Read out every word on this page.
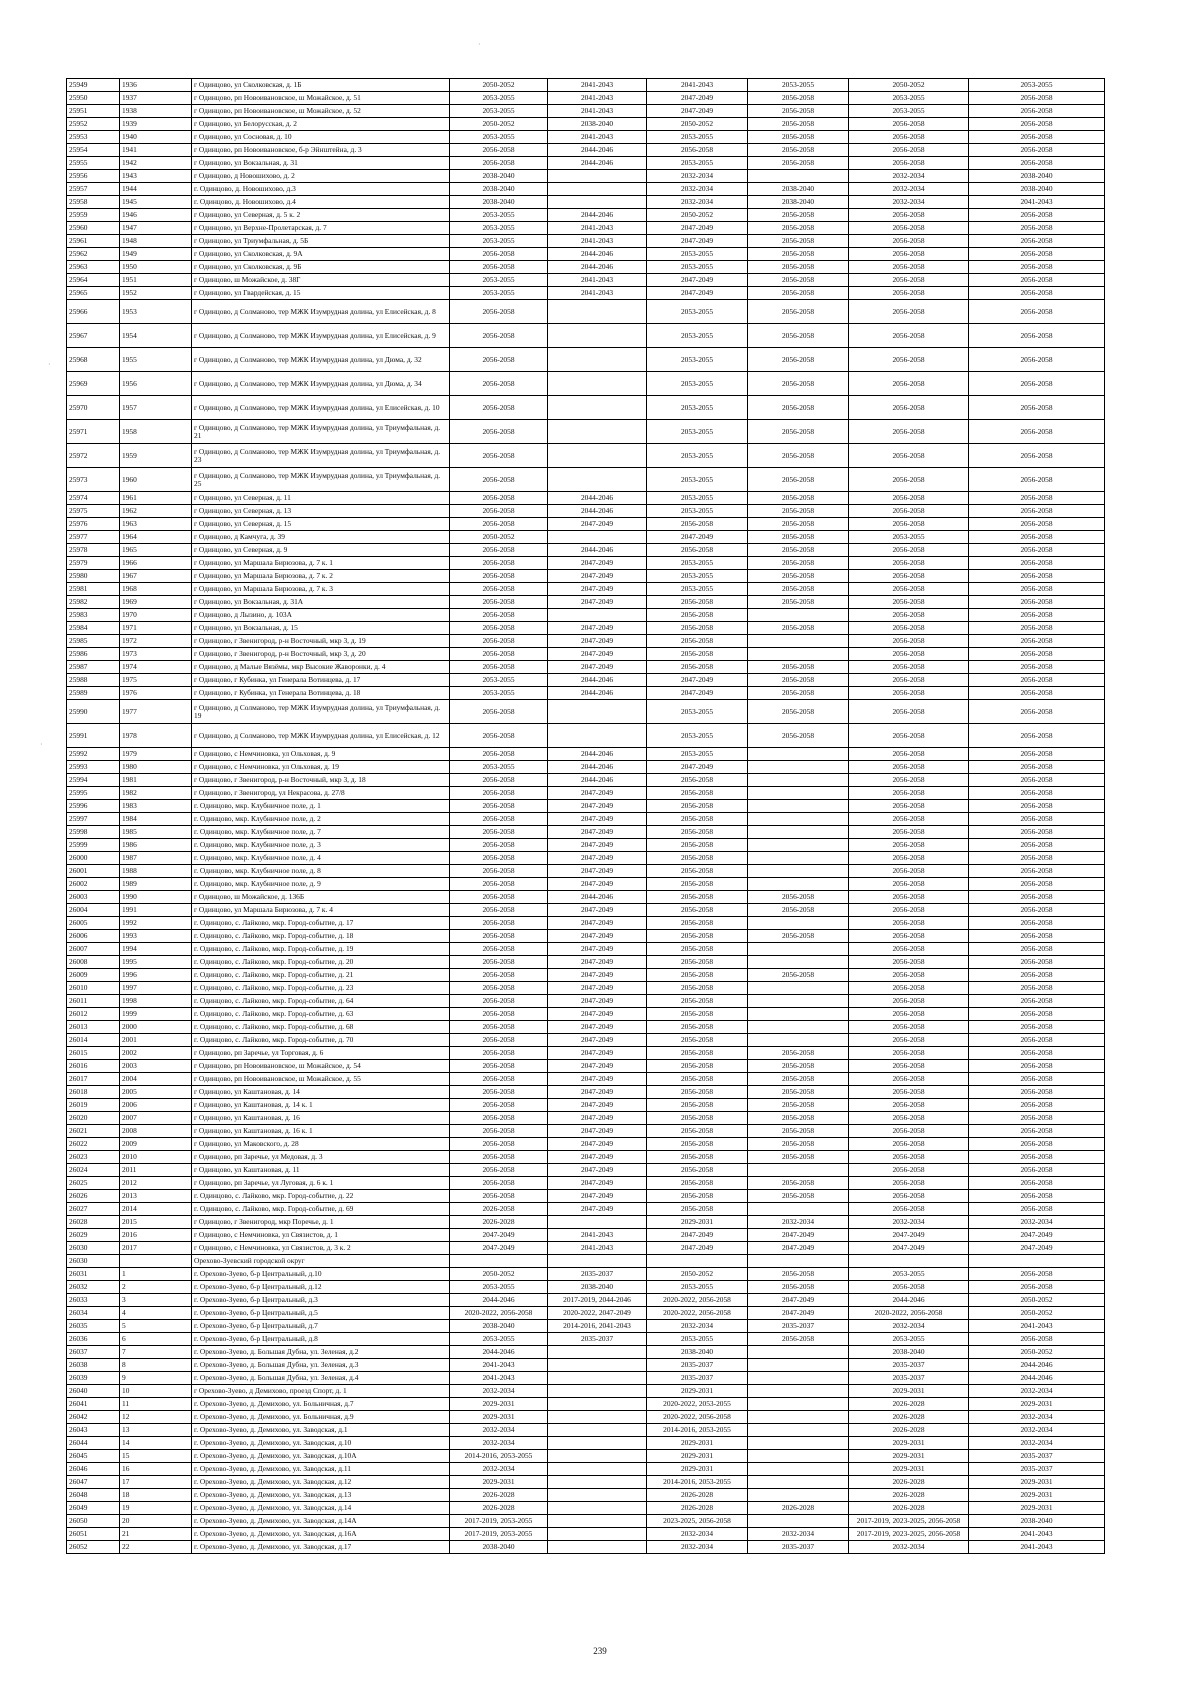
25949	1936	г Одинцово, ул Сколковская, д. 1Б	2050-2052	2041-2043	2041-2043	2053-2055	2050-2052	2053-2055
25950	1937	г Одинцово, рп Новоивановское, ш Можайское, д. 51	2053-2055	2041-2043	2047-2049	2056-2058	2053-2055	2056-2058
25951	1938	г Одинцово, рп Новоивановское, ш Можайское, д. 52	2053-2055	2041-2043	2047-2049	2056-2058	2053-2055	2056-2058
25952	1939	г Одинцово, ул Белорусская, д. 2	2050-2052	2038-2040	2050-2052	2056-2058	2056-2058	2056-2058
25953	1940	г Одинцово, ул Сосновая, д. 10	2053-2055	2041-2043	2053-2055	2056-2058	2056-2058	2056-2058
25954	1941	г Одинцово, рп Новоивановское, б-р Эйнштейна, д. 3	2056-2058	2044-2046	2056-2058	2056-2058	2056-2058	2056-2058
25955	1942	г Одинцово, ул Вокзальная, д. 31	2056-2058	2044-2046	2053-2055	2056-2058	2056-2058	2056-2058
25956	1943	г Одинцово, д Новошихово, д. 2	2038-2040		2032-2034		2032-2034	2038-2040
25957	1944	г. Одинцово, д. Новошихово, д.3	2038-2040		2032-2034	2038-2040	2032-2034	2038-2040
25958	1945	г. Одинцово, д. Новошихово, д.4	2038-2040		2032-2034	2038-2040	2032-2034	2041-2043
25959	1946	г Одинцово, ул Северная, д. 5 к. 2	2053-2055	2044-2046	2050-2052	2056-2058	2056-2058	2056-2058
25960	1947	г Одинцово, ул Верхне-Пролетарская, д. 7	2053-2055	2041-2043	2047-2049	2056-2058	2056-2058	2056-2058
25961	1948	г Одинцово, ул Триумфальная, д. 5Б	2053-2055	2041-2043	2047-2049	2056-2058	2056-2058	2056-2058
25962	1949	г Одинцово, ул Сколковская, д. 9А	2056-2058	2044-2046	2053-2055	2056-2058	2056-2058	2056-2058
25963	1950	г Одинцово, ул Сколковская, д. 9Б	2056-2058	2044-2046	2053-2055	2056-2058	2056-2058	2056-2058
25964	1951	г Одинцово, ш Можайское, д. 38Г	2053-2055	2041-2043	2047-2049	2056-2058	2056-2058	2056-2058
25965	1952	г Одинцово, ул Гвардейская, д. 15	2053-2055	2041-2043	2047-2049	2056-2058	2056-2058	2056-2058
25966	1953	г Одинцово, д Солманово, тер МЖК Изумрудная долина, ул Елисейская, д. 8	2056-2058		2053-2055	2056-2058	2056-2058	2056-2058
25967	1954	г Одинцово, д Солманово, тер МЖК Изумрудная долина, ул Елисейская, д. 9	2056-2058		2053-2055	2056-2058	2056-2058	2056-2058
25968	1955	г Одинцово, д Солманово, тер МЖК Изумрудная долина, ул Дюма, д. 32	2056-2058		2053-2055	2056-2058	2056-2058	2056-2058
25969	1956	г Одинцово, д Солманово, тер МЖК Изумрудная долина, ул Дюма, д. 34	2056-2058		2053-2055	2056-2058	2056-2058	2056-2058
25970	1957	г Одинцово, д Солманово, тер МЖК Изумрудная долина, ул Елисейская, д. 10	2056-2058		2053-2055	2056-2058	2056-2058	2056-2058
25971	1958	г Одинцово, д Солманово, тер МЖК Изумрудная долина, ул Триумфальная, д. 21	2056-2058		2053-2055	2056-2058	2056-2058	2056-2058
25972	1959	г Одинцово, д Солманово, тер МЖК Изумрудная долина, ул Триумфальная, д. 23	2056-2058		2053-2055	2056-2058	2056-2058	2056-2058
25973	1960	г Одинцово, д Солманово, тер МЖК Изумрудная долина, ул Триумфальная, д. 25	2056-2058		2053-2055	2056-2058	2056-2058	2056-2058
25974	1961	г Одинцово, ул Северная, д. 11	2056-2058	2044-2046	2053-2055	2056-2058	2056-2058	2056-2058
25975	1962	г Одинцово, ул Северная, д. 13	2056-2058	2044-2046	2053-2055	2056-2058	2056-2058	2056-2058
25976	1963	г Одинцово, ул Северная, д. 15	2056-2058	2047-2049	2056-2058	2056-2058	2056-2058	2056-2058
25977	1964	г Одинцово, д Камчуга, д. 39	2050-2052		2047-2049	2056-2058	2053-2055	2056-2058
25978	1965	г Одинцово, ул Северная, д. 9	2056-2058	2044-2046	2056-2058	2056-2058	2056-2058	2056-2058
25979	1966	г Одинцово, ул Маршала Бирюзова, д. 7 к. 1	2056-2058	2047-2049	2053-2055	2056-2058	2056-2058	2056-2058
25980	1967	г Одинцово, ул Маршала Бирюзова, д. 7 к. 2	2056-2058	2047-2049	2053-2055	2056-2058	2056-2058	2056-2058
25981	1968	г Одинцово, ул Маршала Бирюзова, д. 7 к. 3	2056-2058	2047-2049	2053-2055	2056-2058	2056-2058	2056-2058
25982	1969	г Одинцово, ул Вокзальная, д. 31А	2056-2058	2047-2049	2056-2058	2056-2058	2056-2058	2056-2058
25983	1970	г Одинцово, д Лызино, д. 103А	2056-2058		2056-2058		2056-2058	2056-2058
25984	1971	г Одинцово, ул Вокзальная, д. 15	2056-2058	2047-2049	2056-2058	2056-2058	2056-2058	2056-2058
25985	1972	г Одинцово, г Звенигород, р-н Восточный, мкр 3, д. 19	2056-2058	2047-2049	2056-2058		2056-2058	2056-2058
25986	1973	г Одинцово, г Звенигород, р-н Восточный, мкр 3, д. 20	2056-2058	2047-2049	2056-2058		2056-2058	2056-2058
25987	1974	г Одинцово, д Малые Вязёмы, мкр Высокие Жаворонки, д. 4	2056-2058	2047-2049	2056-2058	2056-2058	2056-2058	2056-2058
25988	1975	г Одинцово, г Кубинка, ул Генерала Вотинцева, д. 17	2053-2055	2044-2046	2047-2049	2056-2058	2056-2058	2056-2058
25989	1976	г Одинцово, г Кубинка, ул Генерала Вотинцева, д. 18	2053-2055	2044-2046	2047-2049	2056-2058	2056-2058	2056-2058
25990	1977	г Одинцово, д Солманово, тер МЖК Изумрудная долина, ул Триумфальная, д. 19	2056-2058		2053-2055	2056-2058	2056-2058	2056-2058
25991	1978	г Одинцово, д Солманово, тер МЖК Изумрудная долина, ул Елисейская, д. 12	2056-2058		2053-2055	2056-2058	2056-2058	2056-2058
25992	1979	г Одинцово, с Немчиновка, ул Ольховая, д. 9	2056-2058	2044-2046	2053-2055		2056-2058	2056-2058
25993	1980	г Одинцово, с Немчиновка, ул Ольховая, д. 19	2053-2055	2044-2046	2047-2049		2056-2058	2056-2058
25994	1981	г Одинцово, г Звенигород, р-н Восточный, мкр 3, д. 18	2056-2058	2044-2046	2056-2058		2056-2058	2056-2058
25995	1982	г Одинцово, г Звенигород, ул Некрасова, д. 27/8	2056-2058	2047-2049	2056-2058		2056-2058	2056-2058
25996	1983	г. Одинцово, мкр. Клубничное поле, д. 1	2056-2058	2047-2049	2056-2058		2056-2058	2056-2058
25997	1984	г. Одинцово, мкр. Клубничное поле, д. 2	2056-2058	2047-2049	2056-2058		2056-2058	2056-2058
25998	1985	г. Одинцово, мкр. Клубничное поле, д. 7	2056-2058	2047-2049	2056-2058		2056-2058	2056-2058
25999	1986	г. Одинцово, мкр. Клубничное поле, д. 3	2056-2058	2047-2049	2056-2058		2056-2058	2056-2058
26000	1987	г. Одинцово, мкр. Клубничное поле, д. 4	2056-2058	2047-2049	2056-2058		2056-2058	2056-2058
26001	1988	г. Одинцово, мкр. Клубничное поле, д. 8	2056-2058	2047-2049	2056-2058		2056-2058	2056-2058
26002	1989	г. Одинцово, мкр. Клубничное поле, д. 9	2056-2058	2047-2049	2056-2058		2056-2058	2056-2058
26003	1990	г Одинцово, ш Можайское, д. 136Б	2056-2058	2044-2046	2056-2058	2056-2058	2056-2058	2056-2058
26004	1991	г Одинцово, ул Маршала Бирюзова, д. 7 к. 4	2056-2058	2047-2049	2056-2058	2056-2058	2056-2058	2056-2058
26005	1992	г. Одинцово, с. Лайково, мкр. Город-событие, д. 17	2056-2058	2047-2049	2056-2058		2056-2058	2056-2058
26006	1993	г. Одинцово, с. Лайково, мкр. Город-событие, д. 18	2056-2058	2047-2049	2056-2058	2056-2058	2056-2058	2056-2058
26007	1994	г. Одинцово, с. Лайково, мкр. Город-событие, д. 19	2056-2058	2047-2049	2056-2058		2056-2058	2056-2058
26008	1995	г. Одинцово, с. Лайково, мкр. Город-событие, д. 20	2056-2058	2047-2049	2056-2058		2056-2058	2056-2058
26009	1996	г. Одинцово, с. Лайково, мкр. Город-событие, д. 21	2056-2058	2047-2049	2056-2058	2056-2058	2056-2058	2056-2058
26010	1997	г. Одинцово, с. Лайково, мкр. Город-событие, д. 23	2056-2058	2047-2049	2056-2058		2056-2058	2056-2058
26011	1998	г. Одинцово, с. Лайково, мкр. Город-событие, д. 64	2056-2058	2047-2049	2056-2058		2056-2058	2056-2058
26012	1999	г. Одинцово, с. Лайково, мкр. Город-событие, д. 63	2056-2058	2047-2049	2056-2058		2056-2058	2056-2058
26013	2000	г. Одинцово, с. Лайково, мкр. Город-событие, д. 68	2056-2058	2047-2049	2056-2058		2056-2058	2056-2058
26014	2001	г. Одинцово, с. Лайково, мкр. Город-событие, д. 70	2056-2058	2047-2049	2056-2058		2056-2058	2056-2058
26015	2002	г Одинцово, рп Заречье, ул Торговая, д. 6	2056-2058	2047-2049	2056-2058	2056-2058	2056-2058	2056-2058
26016	2003	г Одинцово, рп Новоивановское, ш Можайское, д. 54	2056-2058	2047-2049	2056-2058	2056-2058	2056-2058	2056-2058
26017	2004	г Одинцово, рп Новоивановское, ш Можайское, д. 55	2056-2058	2047-2049	2056-2058	2056-2058	2056-2058	2056-2058
26018	2005	г Одинцово, ул Каштановая, д. 14	2056-2058	2047-2049	2056-2058	2056-2058	2056-2058	2056-2058
26019	2006	г Одинцово, ул Каштановая, д. 14 к. 1	2056-2058	2047-2049	2056-2058	2056-2058	2056-2058	2056-2058
26020	2007	г Одинцово, ул Каштановая, д. 16	2056-2058	2047-2049	2056-2058	2056-2058	2056-2058	2056-2058
26021	2008	г Одинцово, ул Каштановая, д. 16 к. 1	2056-2058	2047-2049	2056-2058	2056-2058	2056-2058	2056-2058
26022	2009	г Одинцово, ул Маковского, д. 28	2056-2058	2047-2049	2056-2058	2056-2058	2056-2058	2056-2058
26023	2010	г Одинцово, рп Заречье, ул Медовая, д. 3	2056-2058	2047-2049	2056-2058	2056-2058	2056-2058	2056-2058
26024	2011	г Одинцово, ул Каштановая, д. 11	2056-2058	2047-2049	2056-2058		2056-2058	2056-2058
26025	2012	г Одинцово, рп Заречье, ул Луговая, д. 6 к. 1	2056-2058	2047-2049	2056-2058	2056-2058	2056-2058	2056-2058
26026	2013	г. Одинцово, с. Лайково, мкр. Город-событие, д. 22	2056-2058	2047-2049	2056-2058	2056-2058	2056-2058	2056-2058
26027	2014	г. Одинцово, с. Лайково, мкр. Город-событие, д. 69	2026-2058	2047-2049	2056-2058		2056-2058	2056-2058
26028	2015	г Одинцово, г Звенигород, мкр Поречье, д. 1	2026-2028		2029-2031	2032-2034	2032-2034	2032-2034
26029	2016	г Одинцово, с Немчиновка, ул Связистов, д. 1	2047-2049	2041-2043	2047-2049	2047-2049	2047-2049	2047-2049
26030	2017	г Одинцово, с Немчиновка, ул Связистов, д. 3 к. 2	2047-2049	2041-2043	2047-2049	2047-2049	2047-2049	2047-2049
26030		Орехово-Зуевский городской округ						
26031	1	г. Орехово-Зуево, б-р Центральный, д.10	2050-2052	2035-2037	2050-2052	2056-2058	2053-2055	2056-2058
26032	2	г. Орехово-Зуево, б-р Центральный, д.12	2053-2055	2038-2040	2053-2055	2056-2058	2056-2058	2056-2058
26033	3	г. Орехово-Зуево, б-р Центральный, д.3	2044-2046	2017-2019, 2044-2046	2020-2022, 2056-2058	2047-2049	2044-2046	2050-2052
26034	4	г. Орехово-Зуево, б-р Центральный, д.5	2020-2022, 2056-2058	2020-2022, 2047-2049	2020-2022, 2056-2058	2047-2049	2020-2022, 2056-2058	2050-2052
26035	5	г. Орехово-Зуево, б-р Центральный, д.7	2038-2040	2014-2016, 2041-2043	2032-2034	2035-2037	2032-2034	2041-2043
26036	6	г. Орехово-Зуево, б-р Центральный, д.8	2053-2055	2035-2037	2053-2055	2056-2058	2053-2055	2056-2058
26037	7	г. Орехово-Зуево, д. Большая Дубна, ул. Зеленая, д.2	2044-2046		2038-2040		2038-2040	2050-2052
26038	8	г. Орехово-Зуево, д. Большая Дубна, ул. Зеленая, д.3	2041-2043		2035-2037		2035-2037	2044-2046
26039	9	г. Орехово-Зуево, д. Большая Дубна, ул. Зеленая, д.4	2041-2043		2035-2037		2035-2037	2044-2046
26040	10	г Орехово-Зуево, д Демихово, проезд Спорт, д. 1	2032-2034		2029-2031		2029-2031	2032-2034
26041	11	г. Орехово-Зуево, д. Демихово, ул. Больничная, д.7	2029-2031		2020-2022, 2053-2055		2026-2028	2029-2031
26042	12	г. Орехово-Зуево, д. Демихово, ул. Больничная, д.9	2029-2031		2020-2022, 2056-2058		2026-2028	2032-2034
26043	13	г. Орехово-Зуево, д. Демихово, ул. Заводская, д.1	2032-2034		2014-2016, 2053-2055		2026-2028	2032-2034
26044	14	г. Орехово-Зуево, д. Демихово, ул. Заводская, д.10	2032-2034		2029-2031		2029-2031	2032-2034
26045	15	г. Орехово-Зуево, д. Демихово, ул. Заводская, д.10А	2014-2016, 2053-2055		2029-2031		2029-2031	2035-2037
26046	16	г. Орехово-Зуево, д. Демихово, ул. Заводская, д.11	2032-2034		2029-2031		2029-2031	2035-2037
26047	17	г. Орехово-Зуево, д. Демихово, ул. Заводская, д.12	2029-2031		2014-2016, 2053-2055		2026-2028	2029-2031
26048	18	г. Орехово-Зуево, д. Демихово, ул. Заводская, д.13	2026-2028		2026-2028		2026-2028	2029-2031
26049	19	г. Орехово-Зуево, д. Демихово, ул. Заводская, д.14	2026-2028		2026-2028	2026-2028	2026-2028	2029-2031
26050	20	г. Орехово-Зуево, д. Демихово, ул. Заводская, д.14А	2017-2019, 2053-2055		2023-2025, 2056-2058		2017-2019, 2023-2025, 2056-2058	2038-2040
26051	21	г. Орехово-Зуево, д. Демихово, ул. Заводская, д.16А	2017-2019, 2053-2055		2032-2034	2032-2034	2017-2019, 2023-2025, 2056-2058	2041-2043
26052	22	г. Орехово-Зуево, д. Демихово, ул. Заводская, д.17	2038-2040		2032-2034	2035-2037	2032-2034	2041-2043
239
·
·
·
